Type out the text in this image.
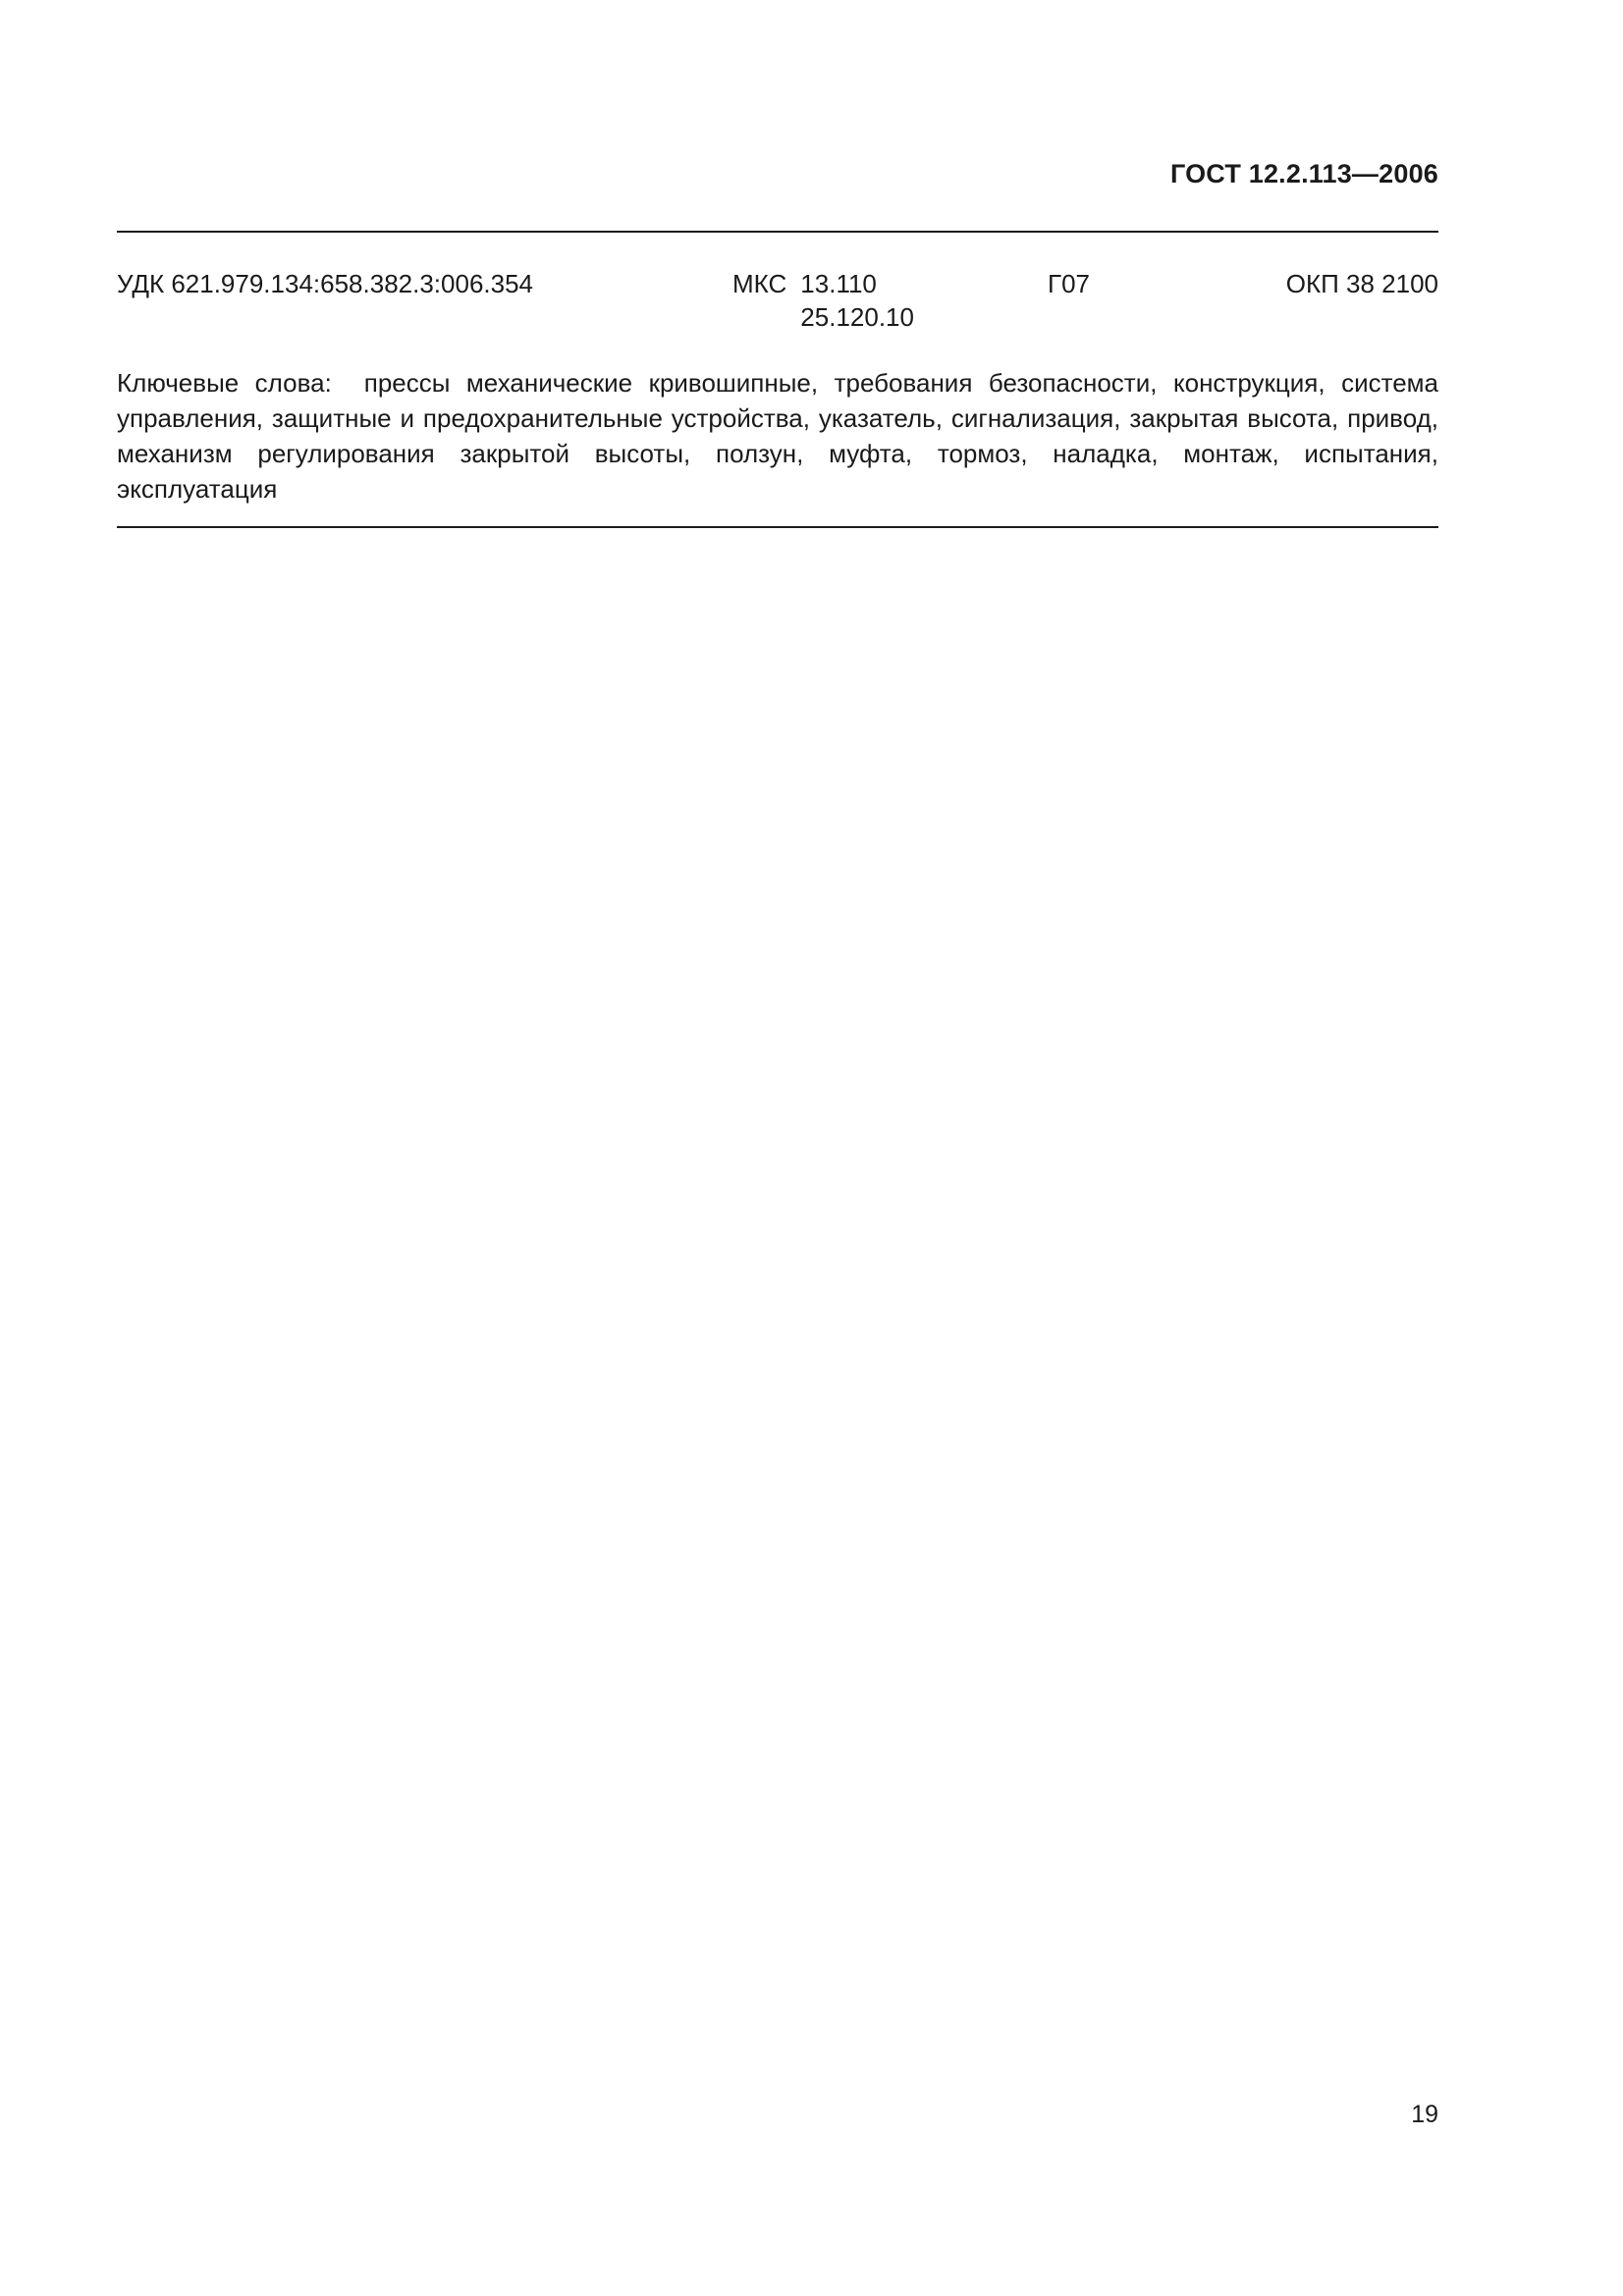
ГОСТ 12.2.113—2006
УДК 621.979.134:658.382.3:006.354	МКС 13.110
25.120.10
Г07	ОКП 38 2100
Ключевые слова: прессы механические кривошипные, требования безопасности, конструкция, система управления, защитные и предохранительные устройства, указатель, сигнализация, закрытая высота, привод, механизм регулирования закрытой высоты, ползун, муфта, тормоз, наладка, монтаж, испытания, эксплуатация
19
